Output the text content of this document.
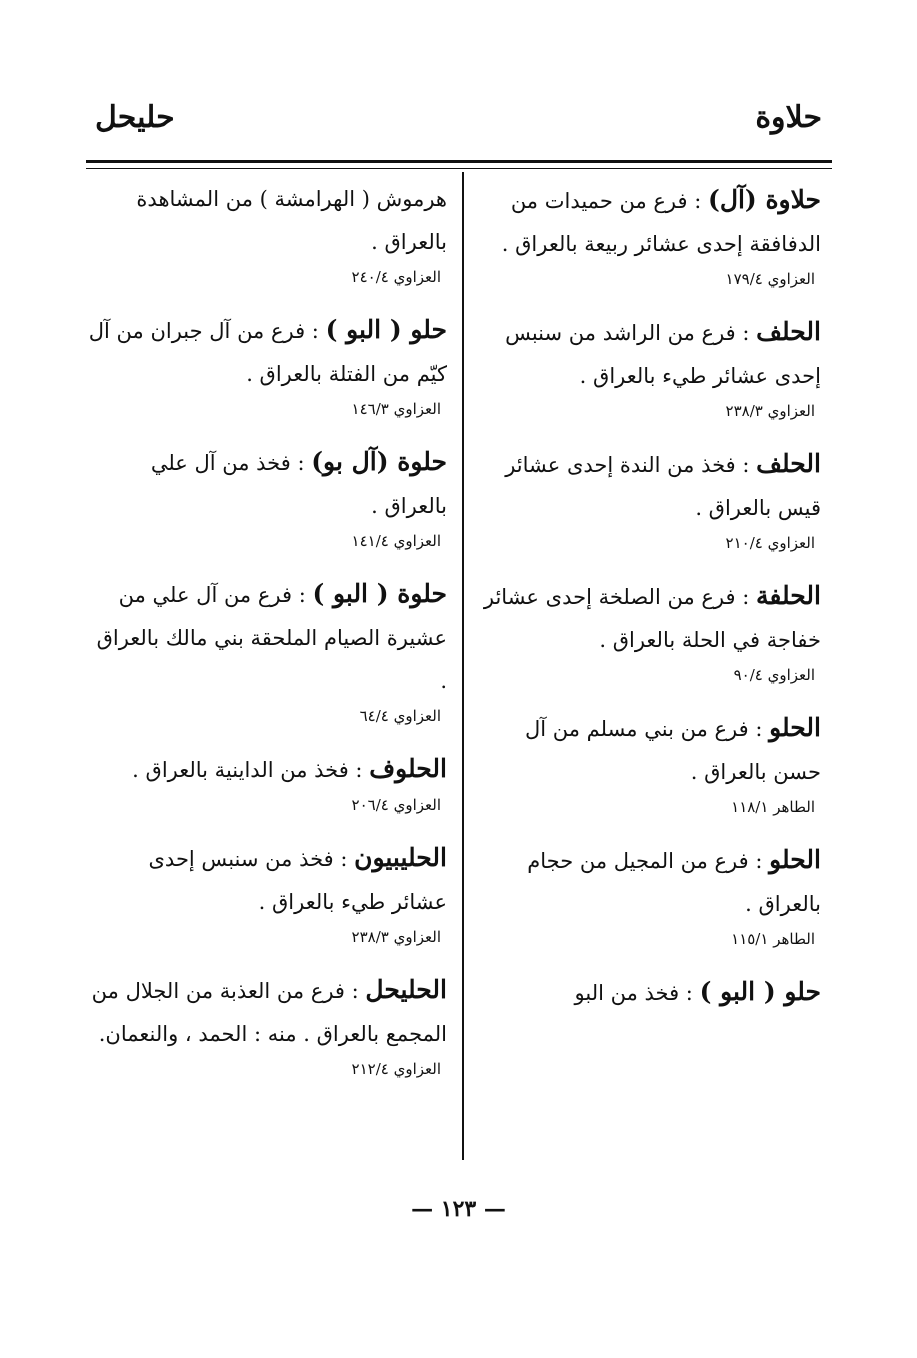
حلاوة
حليحل

حلاوة (آل) : فرع من حميدات من الدفافقة إحدى عشائر ربيعة بالعراق .

العزاوي ١٧٩/٤

الحلف : فرع من الراشد من سنبس إحدى عشائر طيء بالعراق .

العزاوي ٢٣٨/٣

الحلف : فخذ من الندة إحدى عشائر قيس بالعراق .

العزاوي ٢١٠/٤

الحلفة : فرع من الصلخة إحدى عشائر خفاجة في الحلة بالعراق .

العزاوي ٩٠/٤

الحلو : فرع من بني مسلم من آل حسن بالعراق .

الطاهر ١١٨/١

الحلو : فرع من المجيل من حجام بالعراق .

الطاهر ١١٥/١

حلو ( البو ) : فخذ من البو

هرموش ( الهرامشة ) من المشاهدة بالعراق .

العزاوي ٢٤٠/٤

حلو ( البو ) : فرع من آل جبران من آل كيّم من الفتلة بالعراق .

العزاوي ١٤٦/٣

حلوة (آل بو) : فخذ من آل علي بالعراق .

العزاوي ١٤١/٤

حلوة ( البو ) : فرع من آل علي من عشيرة الصيام الملحقة بني مالك بالعراق .

العزاوي ٦٤/٤

الحلوف : فخذ من الداينية بالعراق .

العزاوي ٢٠٦/٤

الحليبيون : فخذ من سنبس إحدى عشائر طيء بالعراق .

العزاوي ٢٣٨/٣

الحليحل : فرع من العذبة من الجلال من المجمع بالعراق . منه : الحمد ، والنعمان.

العزاوي ٢١٢/٤

— ١٢٣ —
